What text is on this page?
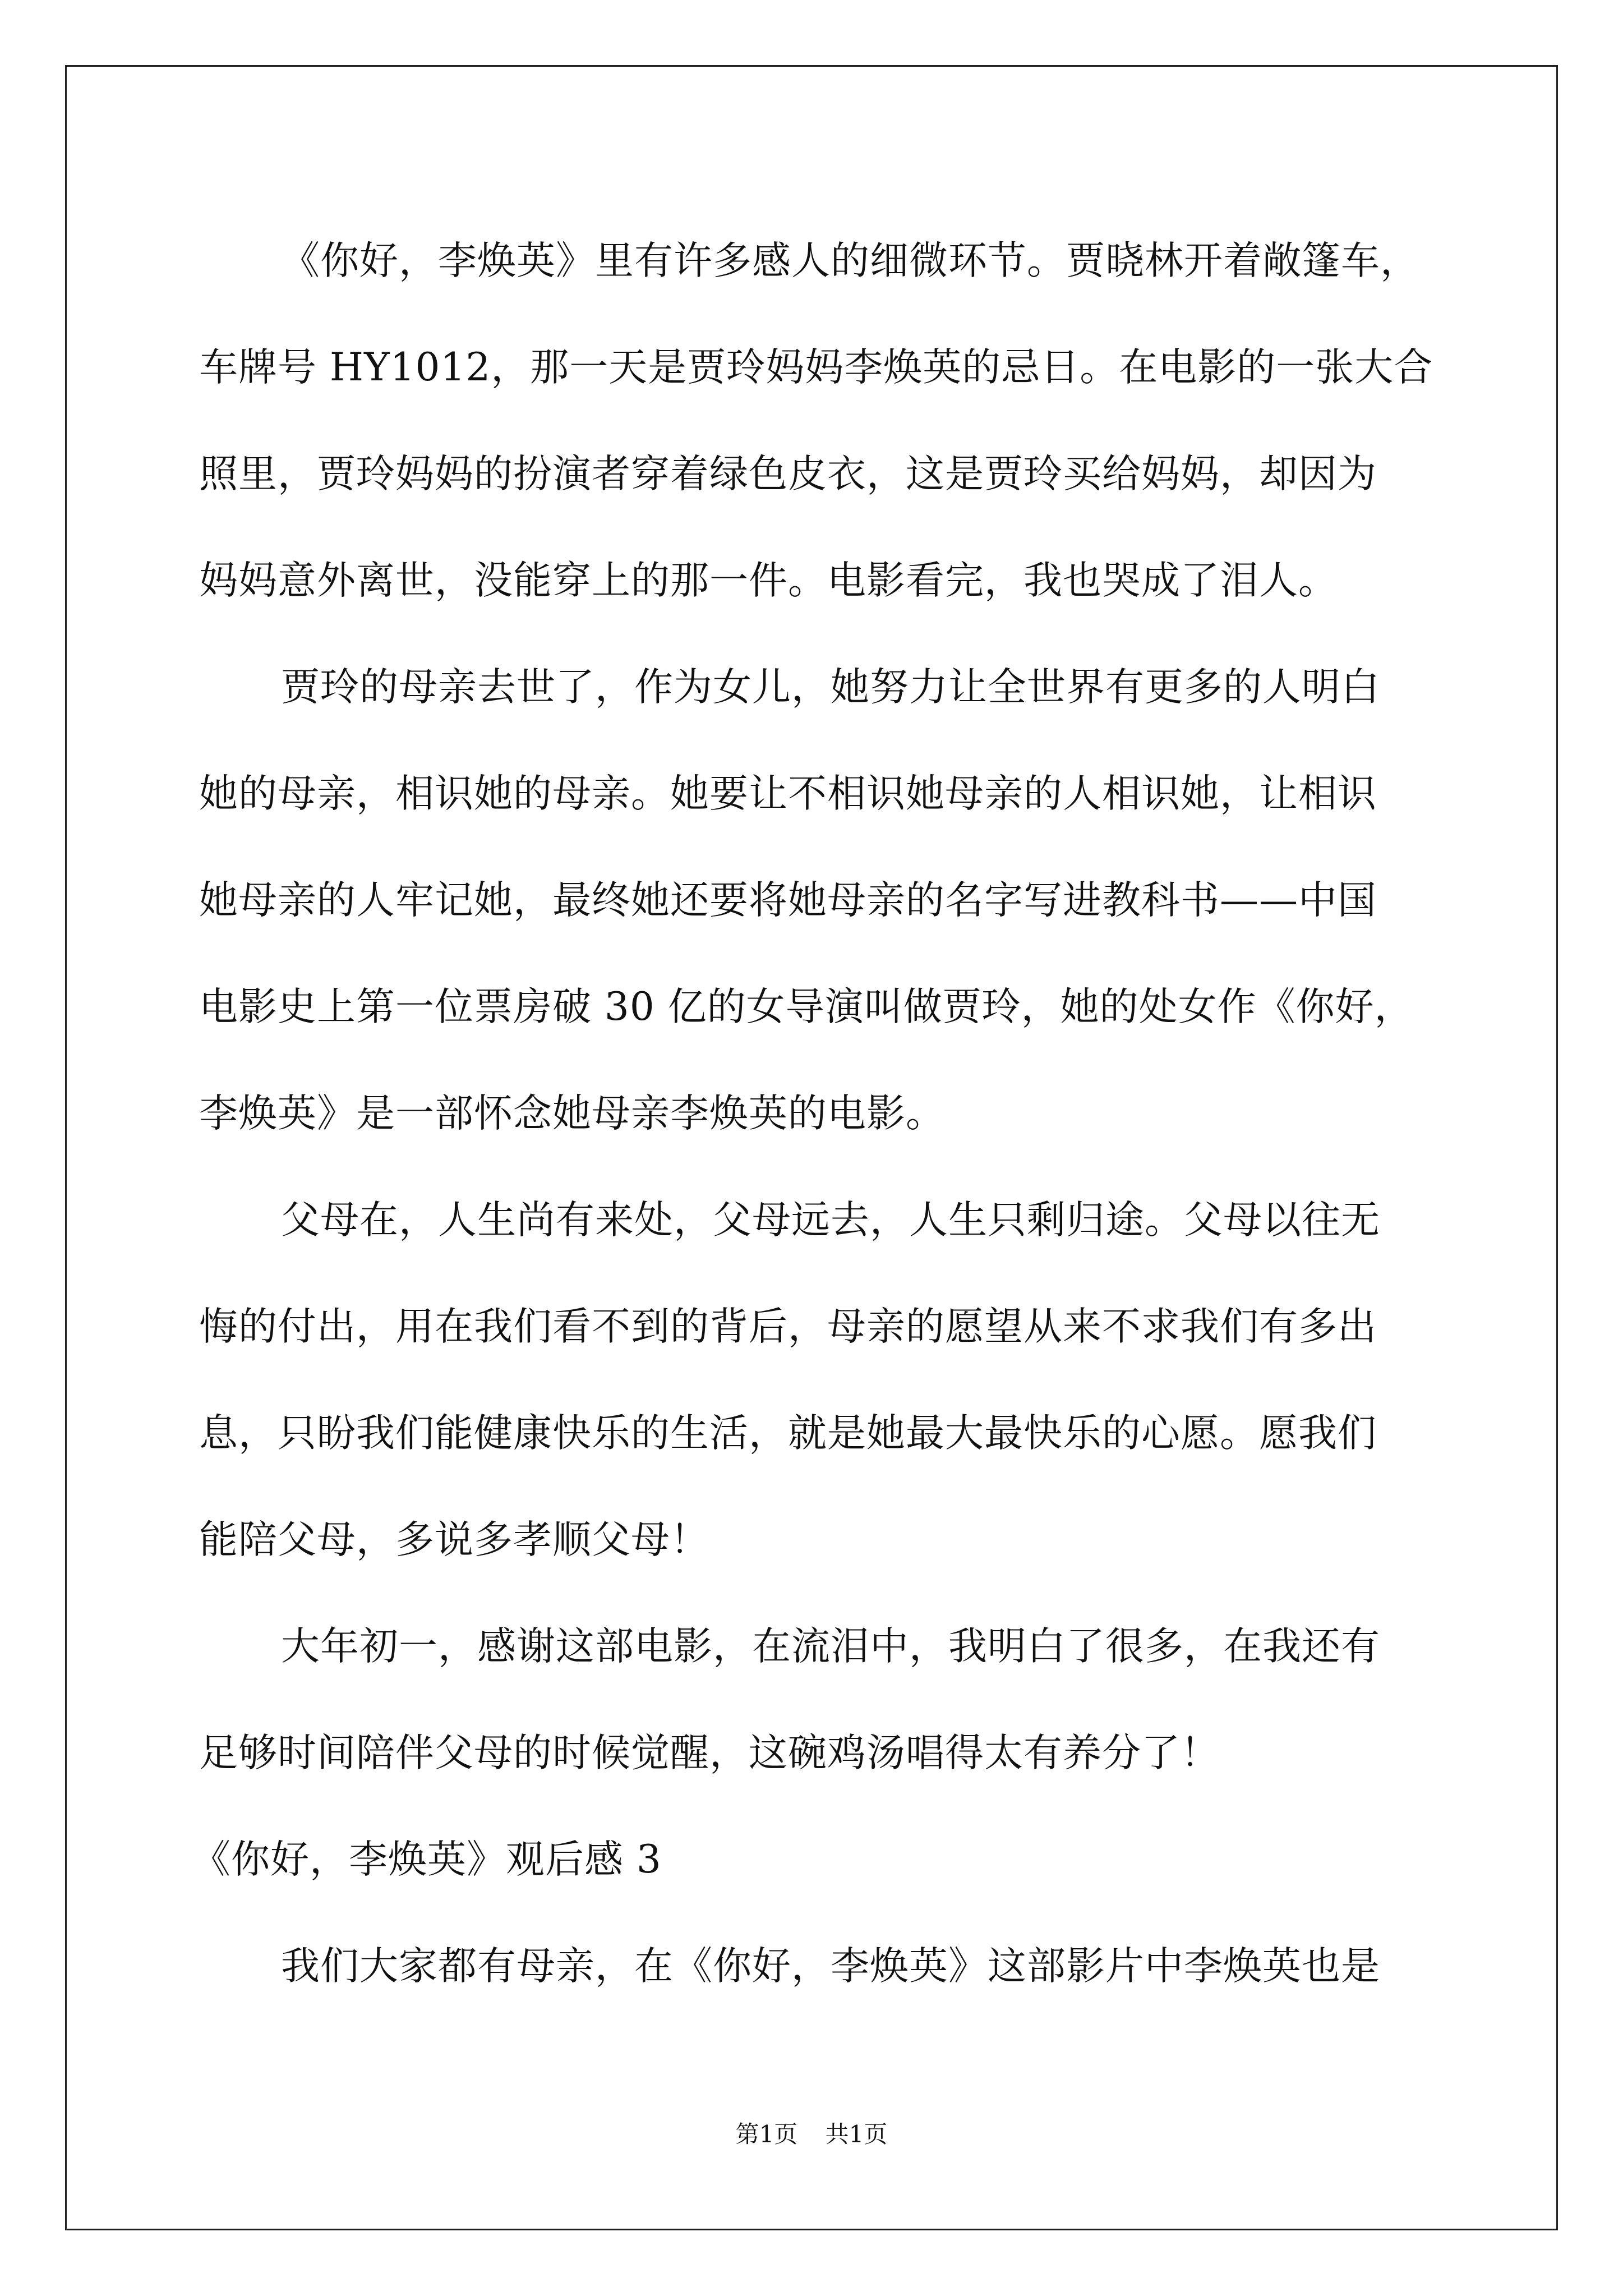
《你好，李焕英》里有许多感人的细微环节。贾晓林开着敞篷车，
车牌号 HY1012，那一天是贾玲妈妈李焕英的忌日。在电影的一张大合
照里，贾玲妈妈的扮演者穿着绿色皮衣，这是贾玲买给妈妈，却因为
妈妈意外离世，没能穿上的那一件。电影看完，我也哭成了泪人。
贾玲的母亲去世了，作为女儿，她努力让全世界有更多的人明白
她的母亲，相识她的母亲。她要让不相识她母亲的人相识她，让相识
她母亲的人牢记她，最终她还要将她母亲的名字写进教科书——中国
电影史上第一位票房破 30 亿的女导演叫做贾玲，她的处女作《你好，
李焕英》是一部怀念她母亲李焕英的电影。
父母在，人生尚有来处，父母远去，人生只剩归途。父母以往无
悔的付出，用在我们看不到的背后，母亲的愿望从来不求我们有多出
息，只盼我们能健康快乐的生活，就是她最大最快乐的心愿。愿我们
能陪父母，多说多孝顺父母！
大年初一，感谢这部电影，在流泪中，我明白了很多，在我还有
足够时间陪伴父母的时候觉醒，这碗鸡汤唱得太有养分了！
《你好，李焕英》观后感 3
我们大家都有母亲，在《你好，李焕英》这部影片中李焕英也是
第1页 共1页
